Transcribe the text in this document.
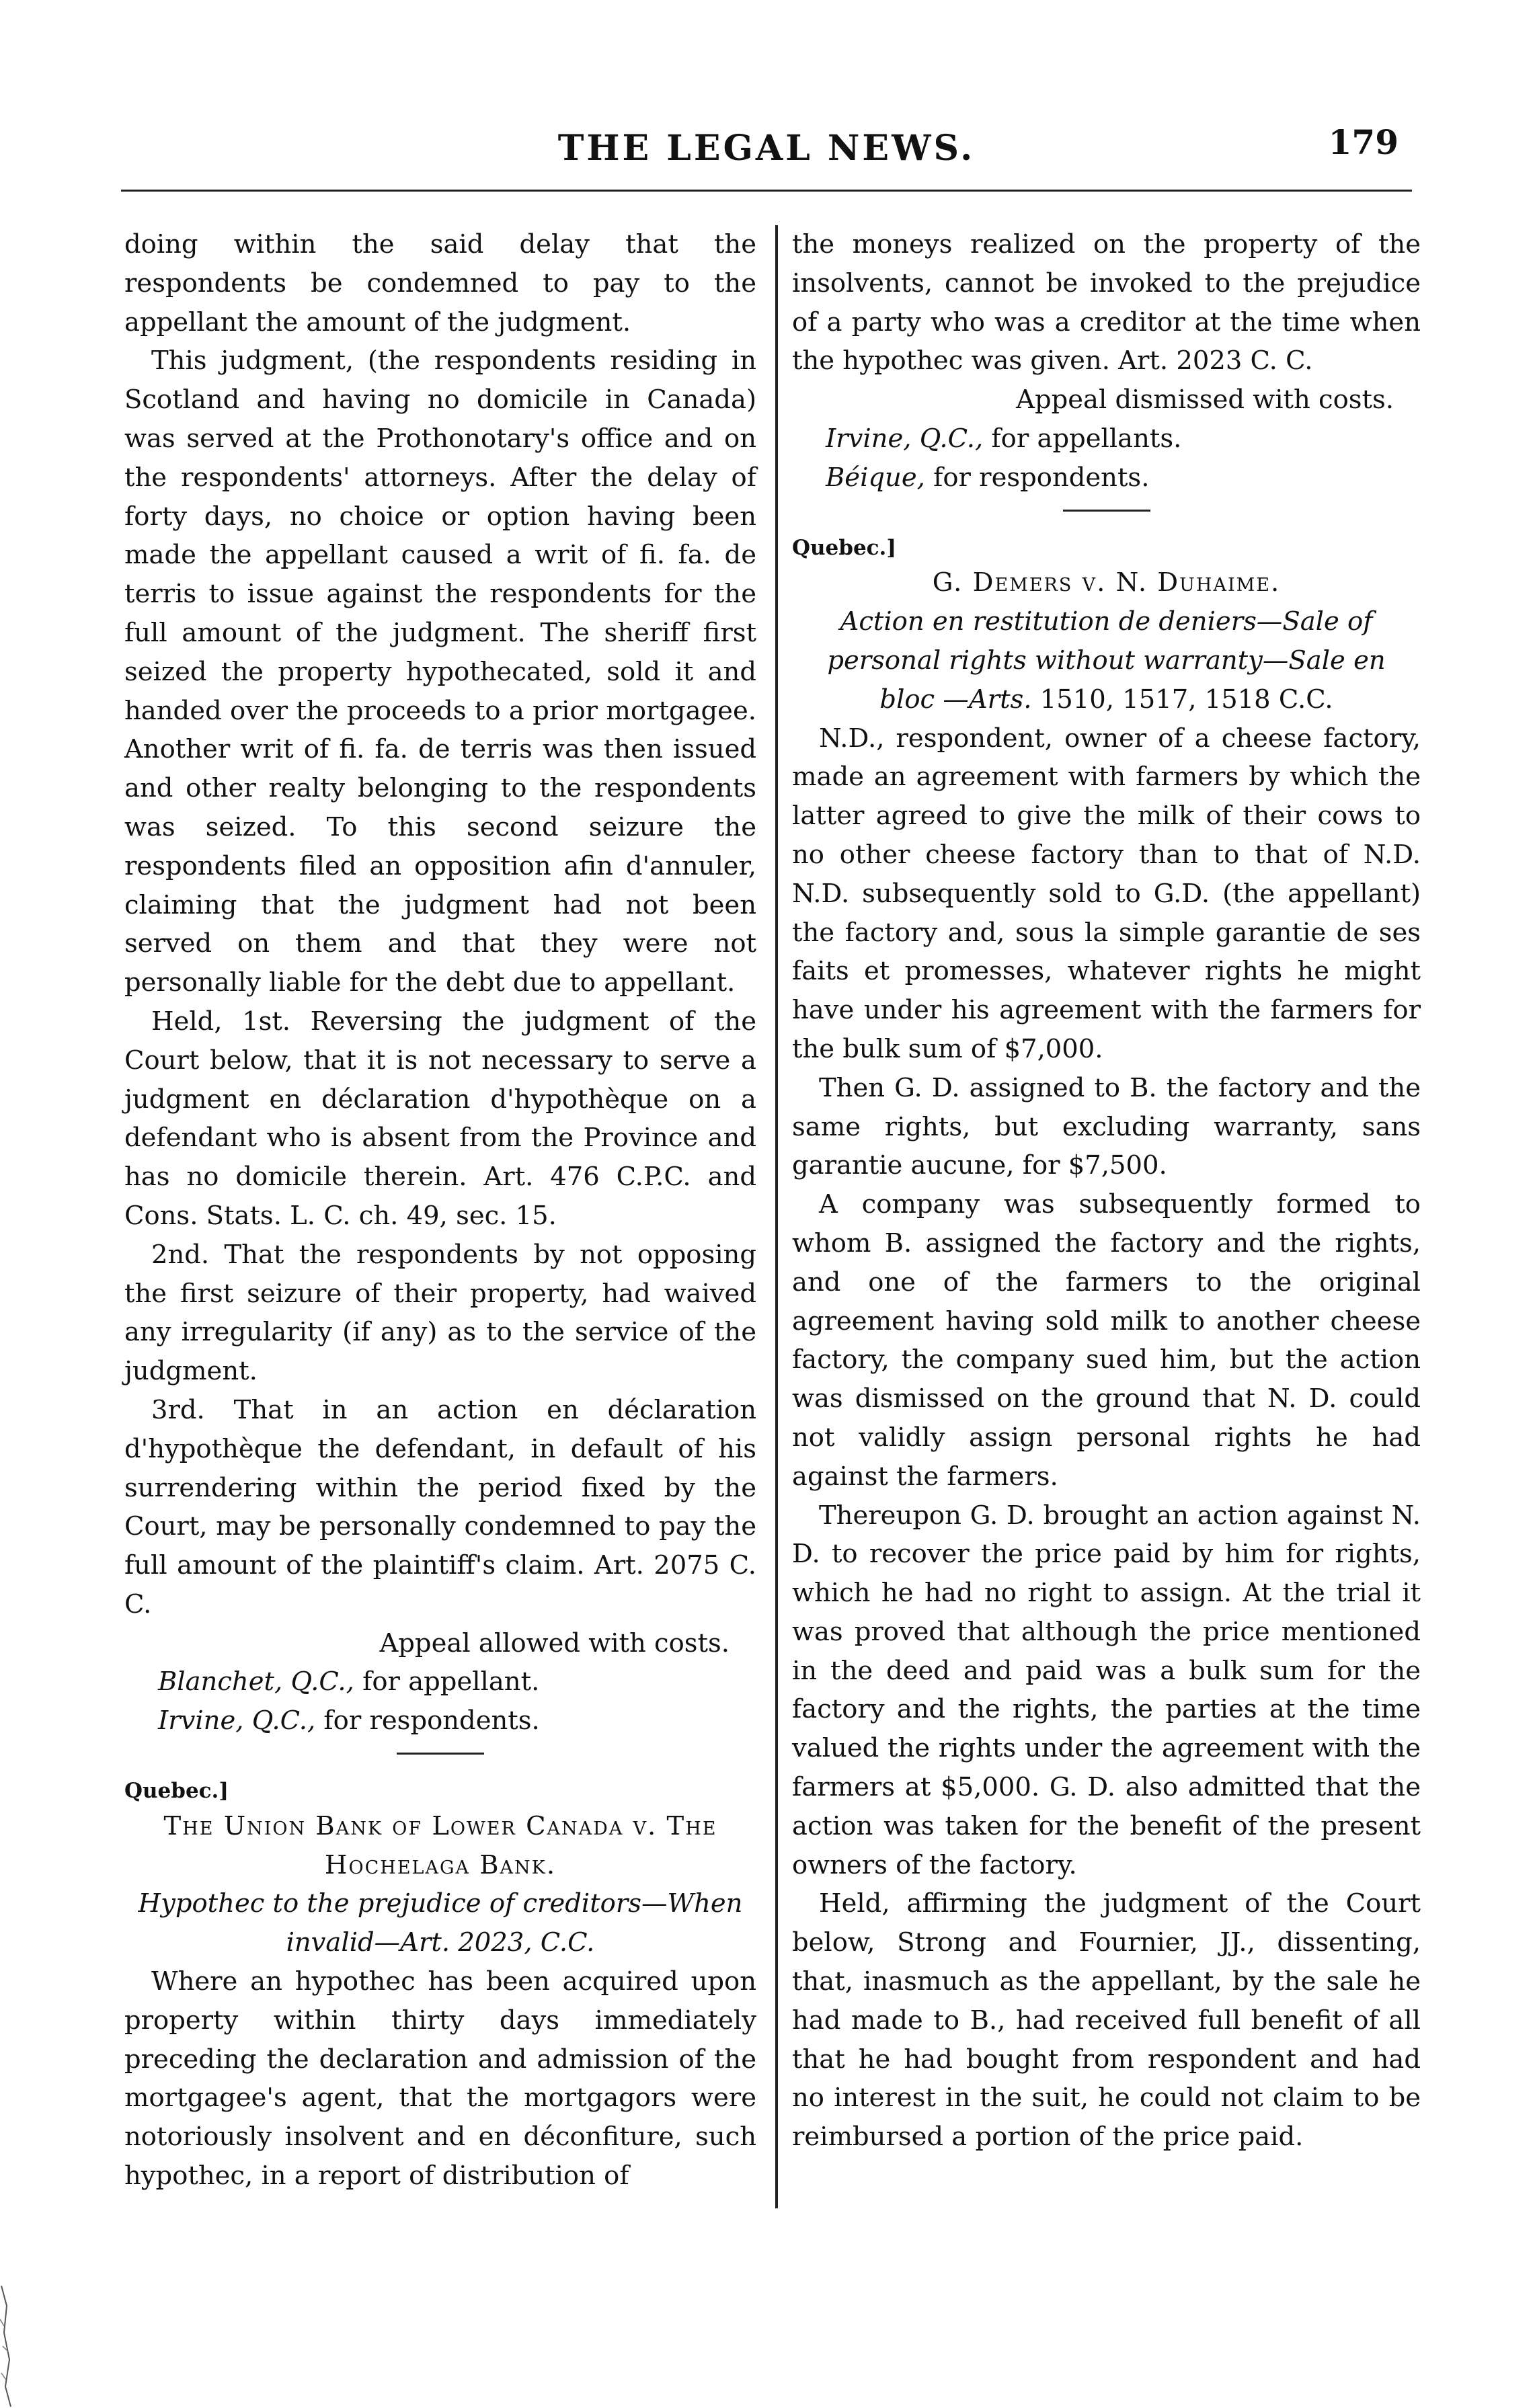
THE LEGAL NEWS.	179

doing within the said delay that the respondents be condemned to pay to the appellant the amount of the judgment.

This judgment, (the respondents residing in Scotland and having no domicile in Canada) was served at the Prothonotary's office and on the respondents' attorneys. After the delay of forty days, no choice or option having been made the appellant caused a writ of fi. fa. de terris to issue against the respondents for the full amount of the judgment. The sheriff first seized the property hypothecated, sold it and handed over the proceeds to a prior mortgagee. Another writ of fi. fa. de terris was then issued and other realty belonging to the respondents was seized. To this second seizure the respondents filed an opposition afin d'annuler, claiming that the judgment had not been served on them and that they were not personally liable for the debt due to appellant.

Held, 1st. Reversing the judgment of the Court below, that it is not necessary to serve a judgment en déclaration d'hypothèque on a defendant who is absent from the Province and has no domicile therein. Art. 476 C.P.C. and Cons. Stats. L. C. ch. 49, sec. 15.

2nd. That the respondents by not opposing the first seizure of their property, had waived any irregularity (if any) as to the service of the judgment.

3rd. That in an action en déclaration d'hypothèque the defendant, in default of his surrendering within the period fixed by the Court, may be personally condemned to pay the full amount of the plaintiff's claim. Art. 2075 C. C.

Appeal allowed with costs.

Blanchet, Q.C., for appellant.

Irvine, Q.C., for respondents.

Quebec.]

The Union Bank of Lower Canada v. The Hochelaga Bank.

Hypothec to the prejudice of creditors—When invalid—Art. 2023, C.C.

Where an hypothec has been acquired upon property within thirty days immediately preceding the declaration and admission of the mortgagee's agent, that the mortgagors were notoriously insolvent and en déconfiture, such hypothec, in a report of distribution of

the moneys realized on the property of the insolvents, cannot be invoked to the prejudice of a party who was a creditor at the time when the hypothec was given. Art. 2023 C. C.

Appeal dismissed with costs.

Irvine, Q.C., for appellants.

Béique, for respondents.

Quebec.]

G. Demers v. N. Duhaime.

Action en restitution de deniers—Sale of personal rights without warranty—Sale en bloc —Arts. 1510, 1517, 1518 C.C.

N.D., respondent, owner of a cheese factory, made an agreement with farmers by which the latter agreed to give the milk of their cows to no other cheese factory than to that of N.D. N.D. subsequently sold to G.D. (the appellant) the factory and, sous la simple garantie de ses faits et promesses, whatever rights he might have under his agreement with the farmers for the bulk sum of $7,000.

Then G. D. assigned to B. the factory and the same rights, but excluding warranty, sans garantie aucune, for $7,500.

A company was subsequently formed to whom B. assigned the factory and the rights, and one of the farmers to the original agreement having sold milk to another cheese factory, the company sued him, but the action was dismissed on the ground that N. D. could not validly assign personal rights he had against the farmers.

Thereupon G. D. brought an action against N. D. to recover the price paid by him for rights, which he had no right to assign. At the trial it was proved that although the price mentioned in the deed and paid was a bulk sum for the factory and the rights, the parties at the time valued the rights under the agreement with the farmers at $5,000. G. D. also admitted that the action was taken for the benefit of the present owners of the factory.

Held, affirming the judgment of the Court below, Strong and Fournier, JJ., dissenting, that, inasmuch as the appellant, by the sale he had made to B., had received full benefit of all that he had bought from respondent and had no interest in the suit, he could not claim to be reimbursed a portion of the price paid.
